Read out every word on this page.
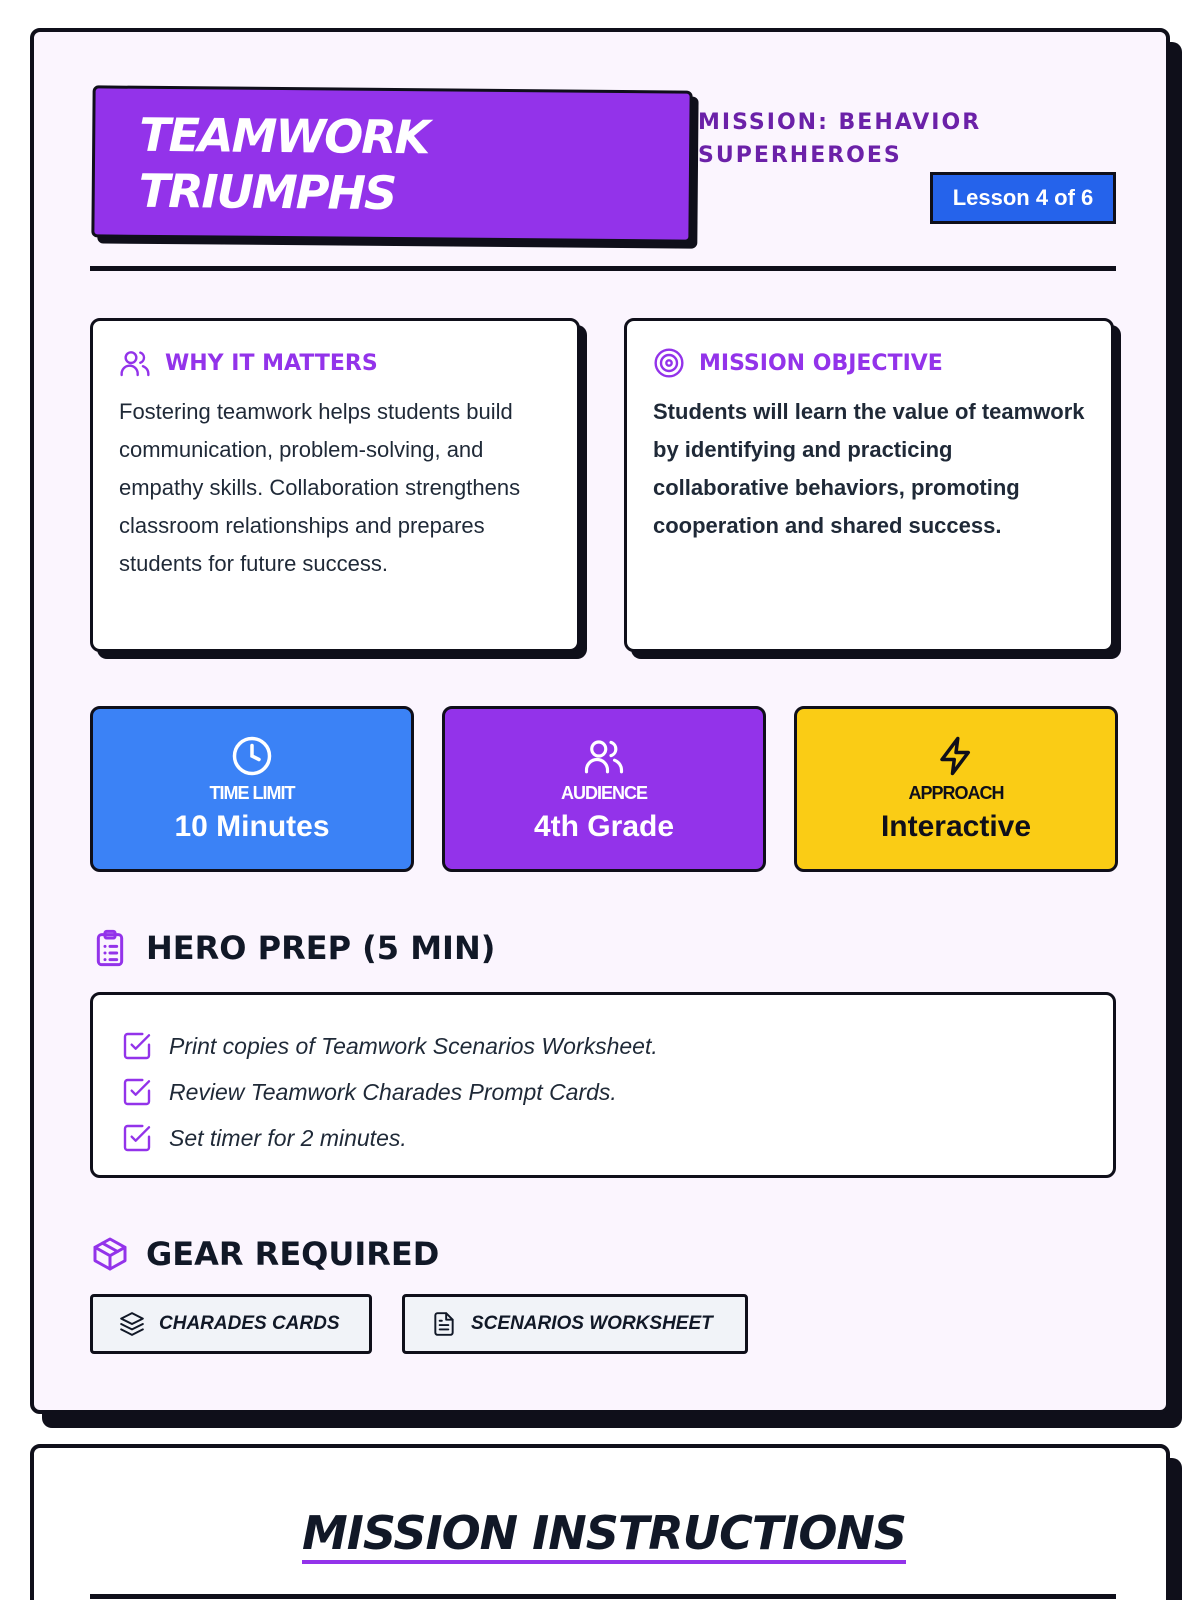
TEAMWORK TRIUMPHS
MISSION: BEHAVIOR SUPERHEROES
Lesson 4 of 6
WHY IT MATTERS
Fostering teamwork helps students build communication, problem-solving, and empathy skills. Collaboration strengthens classroom relationships and prepares students for future success.
MISSION OBJECTIVE
Students will learn the value of teamwork by identifying and practicing collaborative behaviors, promoting cooperation and shared success.
TIME LIMIT
10 Minutes
AUDIENCE
4th Grade
APPROACH
Interactive
HERO PREP (5 MIN)
Print copies of Teamwork Scenarios Worksheet.
Review Teamwork Charades Prompt Cards.
Set timer for 2 minutes.
GEAR REQUIRED
CHARADES CARDS	SCENARIOS WORKSHEET
MISSION INSTRUCTIONS
